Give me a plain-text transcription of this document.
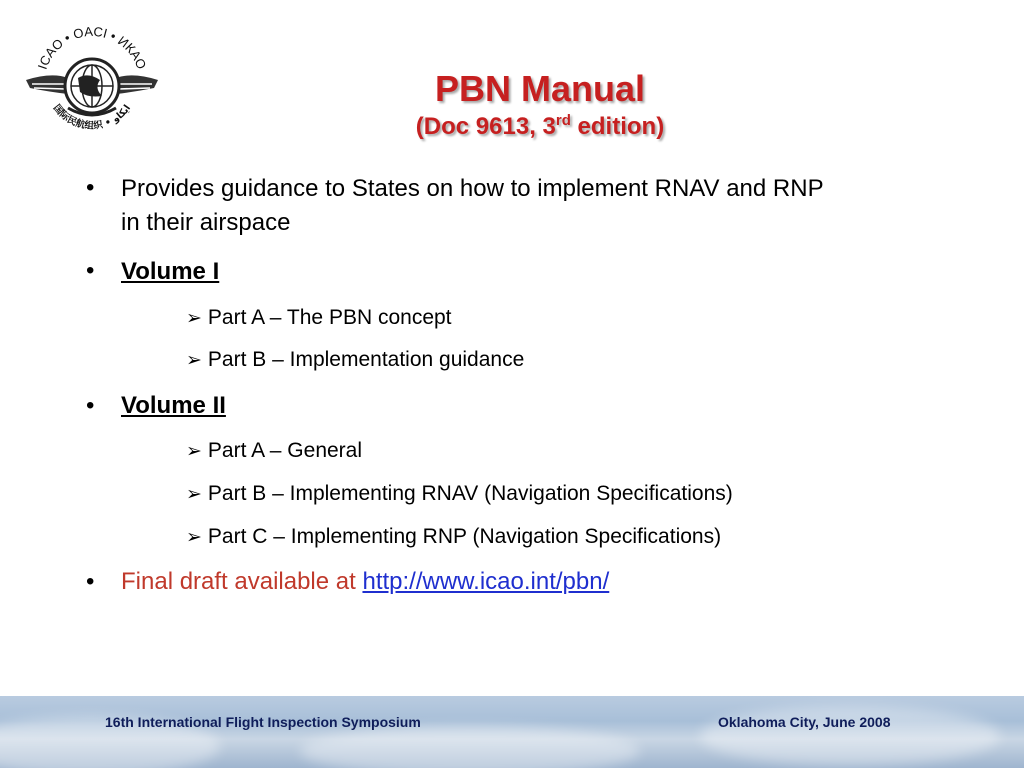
ICAO • OACI • ИКАО
国际民航组织 • ايكاو	PBN Manual
(Doc 9613, 3rd edition)
• Provides guidance to States on how to implement RNAV and RNP
in their airspace
• Volume I
➢ Part A – The PBN concept
➢ Part B – Implementation guidance
• Volume II
➢ Part A – General
➢ Part B – Implementing RNAV (Navigation Specifications)
➢ Part C – Implementing RNP (Navigation Specifications)
• Final draft available at http://www.icao.int/pbn/
16th International Flight Inspection Symposium	Oklahoma City, June 2008
